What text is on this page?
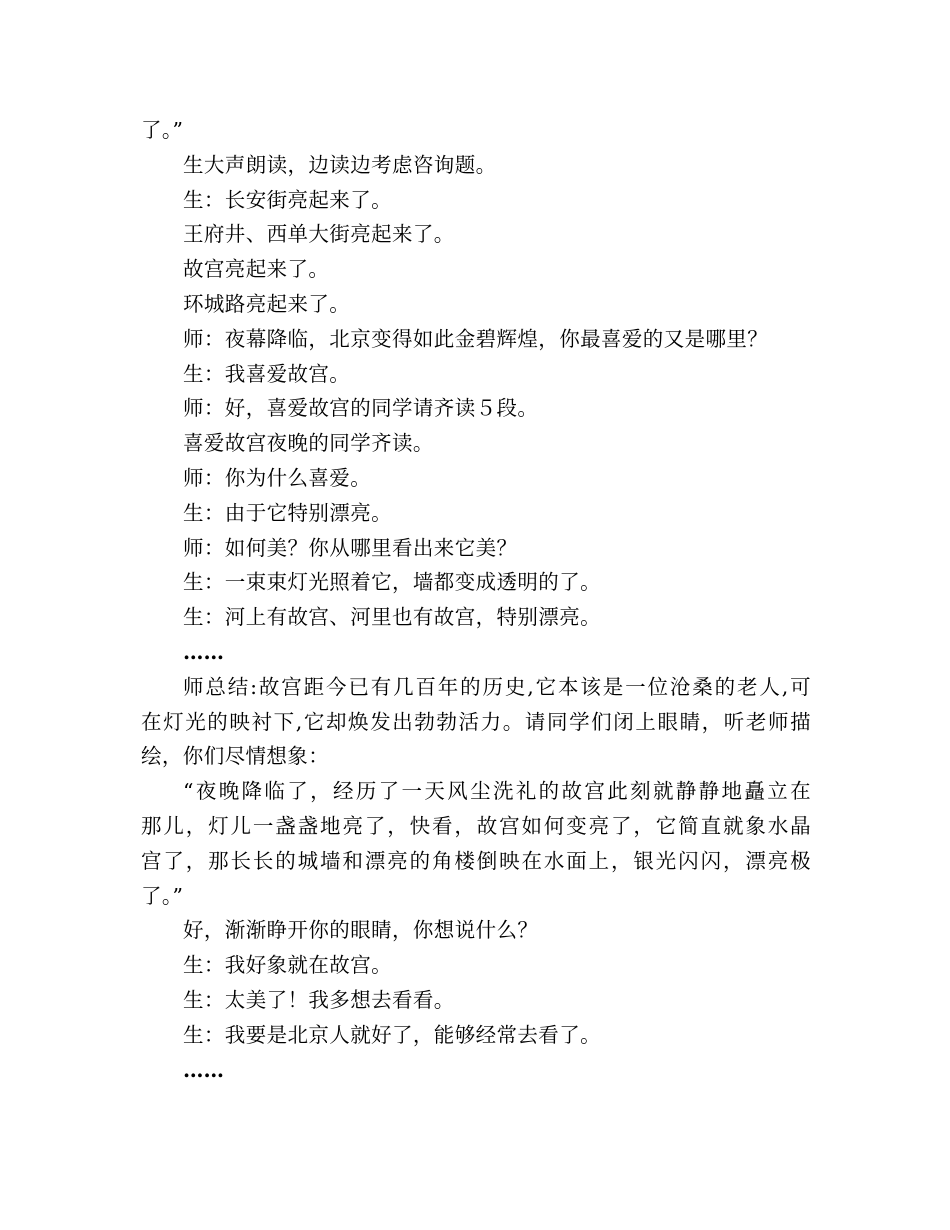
了。”
生大声朗读，边读边考虑咨询题。
生：长安街亮起来了。
王府井、西单大街亮起来了。
故宫亮起来了。
环城路亮起来了。
师：夜幕降临，北京变得如此金碧辉煌，你最喜爱的又是哪里？
生：我喜爱故宫。
师：好，喜爱故宫的同学请齐读５段。
喜爱故宫夜晚的同学齐读。
师：你为什么喜爱。
生：由于它特别漂亮。
师：如何美？你从哪里看出来它美？
生：一束束灯光照着它，墙都变成透明的了。
生：河上有故宫、河里也有故宫，特别漂亮。
……
师总结:故宫距今已有几百年的历史,它本该是一位沧桑的老人,可
在灯光的映衬下,它却焕发出勃勃活力。请同学们闭上眼睛，听老师描
绘，你们尽情想象：
“夜晚降临了，经历了一天风尘洗礼的故宫此刻就静静地矗立在
那儿，灯儿一盏盏地亮了，快看，故宫如何变亮了，它简直就象水晶
宫了，那长长的城墙和漂亮的角楼倒映在水面上，银光闪闪，漂亮极
了。”
好，渐渐睁开你的眼睛，你想说什么？
生：我好象就在故宫。
生：太美了！我多想去看看。
生：我要是北京人就好了，能够经常去看了。
……
